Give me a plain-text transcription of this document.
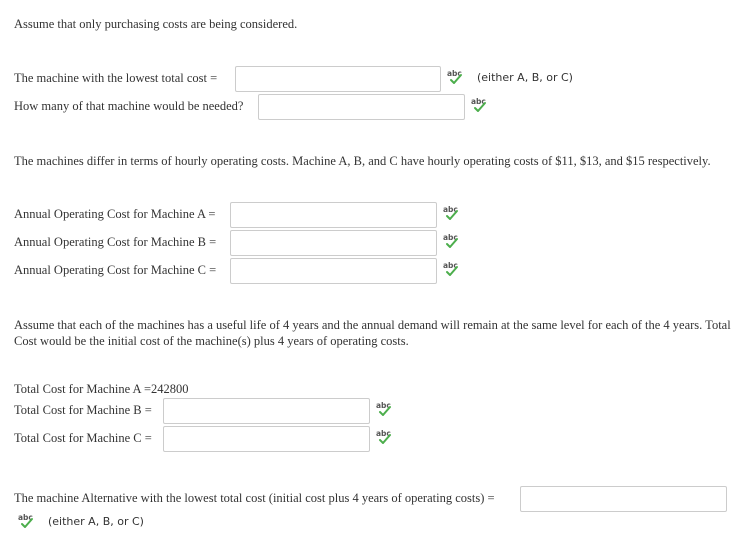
Assume that only purchasing costs are being considered.
The machine with the lowest total cost =	abc (either A, B, or C)
How many of that machine would be needed?	abc
The machines differ in terms of hourly operating costs. Machine A, B, and C have hourly operating costs of $11, $13, and $15 respectively.
Annual Operating Cost for Machine A =	abc
Annual Operating Cost for Machine B =	abc
Annual Operating Cost for Machine C =	abc
Assume that each of the machines has a useful life of 4 years and the annual demand will remain at the same level for each of the 4 years. Total Cost would be the initial cost of the machine(s) plus 4 years of operating costs.
Total Cost for Machine A =242800
Total Cost for Machine B =	abc
Total Cost for Machine C =	abc
The machine Alternative with the lowest total cost (initial cost plus 4 years of operating costs) =
abc (either A, B, or C)
